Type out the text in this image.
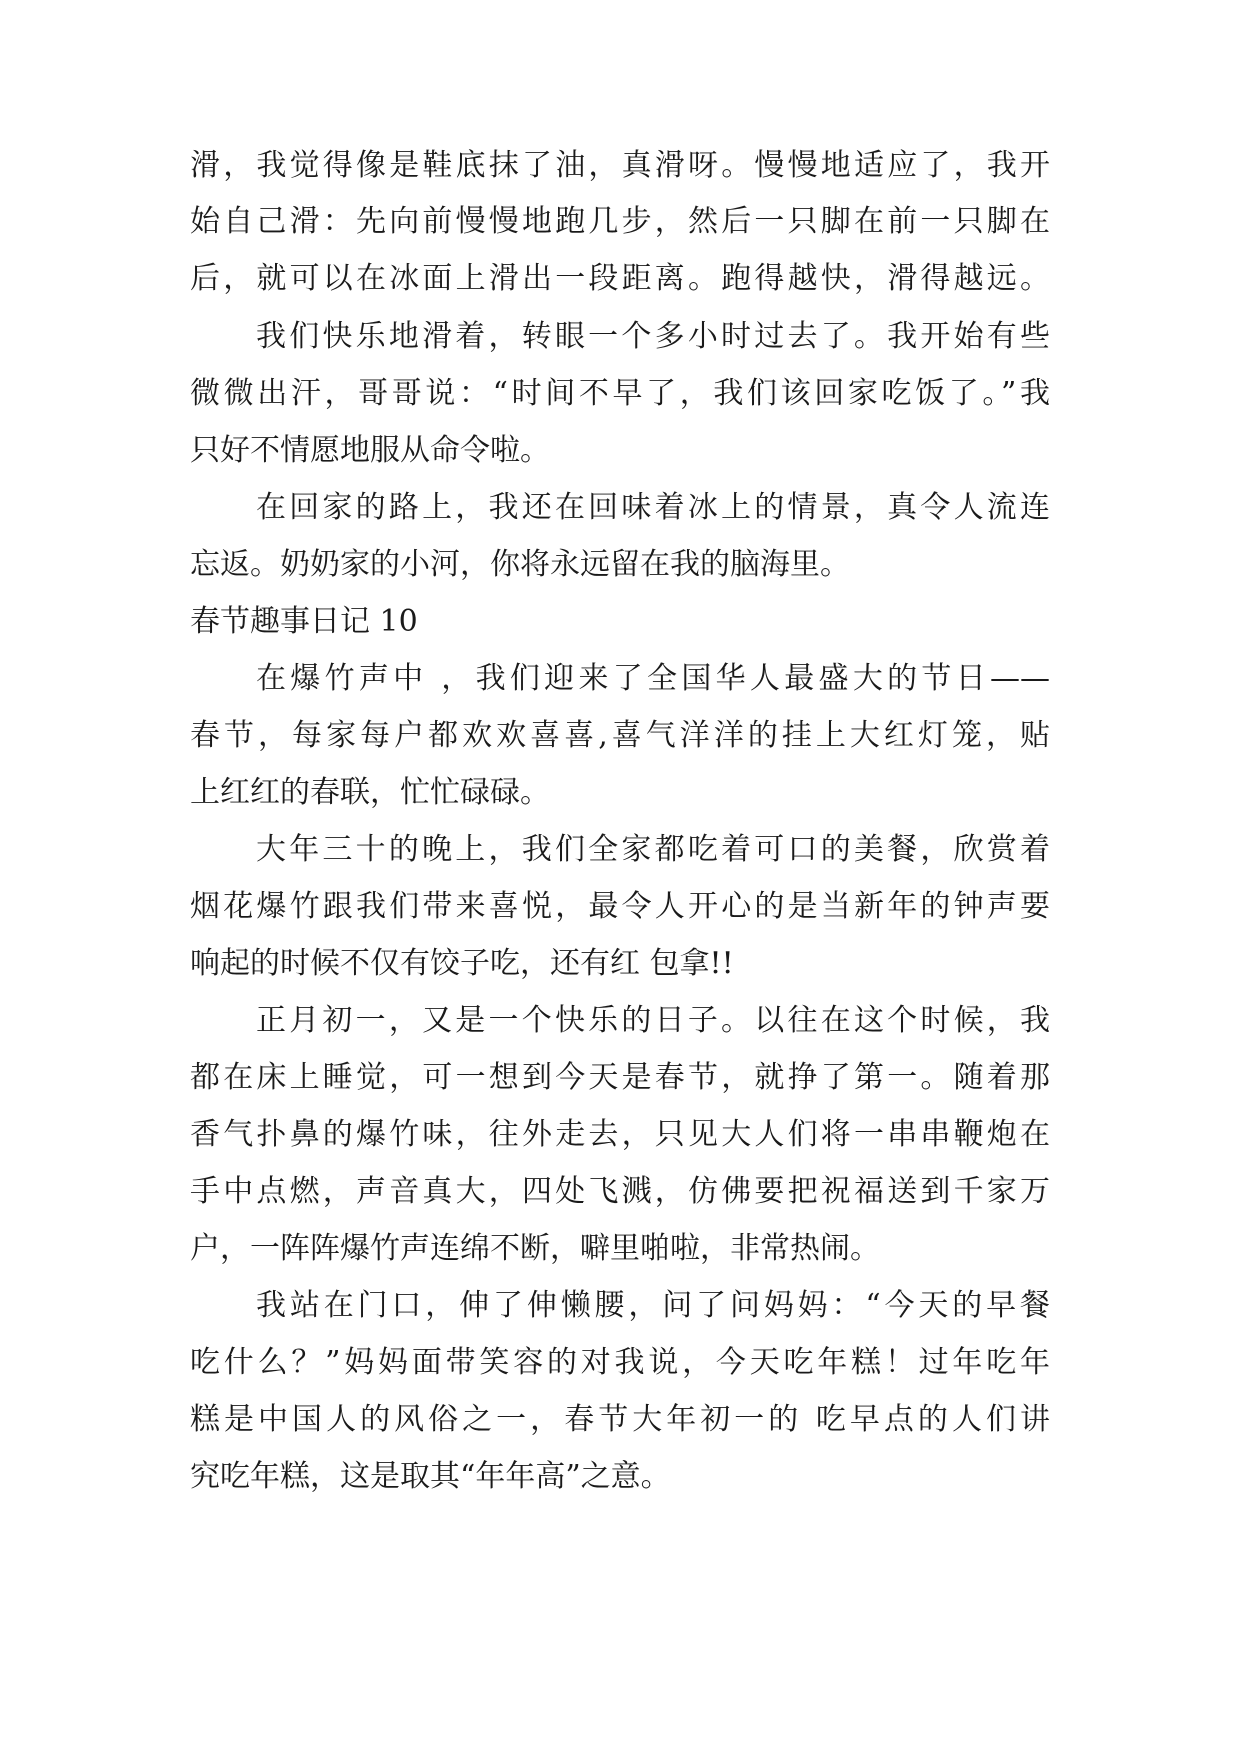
滑，我觉得像是鞋底抹了油，真滑呀。慢慢地适应了，我开
始自己滑：先向前慢慢地跑几步，然后一只脚在前一只脚在
后，就可以在冰面上滑出一段距离。跑得越快，滑得越远。
我们快乐地滑着，转眼一个多小时过去了。我开始有些
微微出汗，哥哥说：“时间不早了，我们该回家吃饭了。”我
只好不情愿地服从命令啦。
在回家的路上，我还在回味着冰上的情景，真令人流连
忘返。奶奶家的小河，你将永远留在我的脑海里。
春节趣事日记 10
在爆竹声中 ，我们迎来了全国华人最盛大的节日——
春节，每家每户都欢欢喜喜,喜气洋洋的挂上大红灯笼，贴
上红红的春联，忙忙碌碌。
大年三十的晚上，我们全家都吃着可口的美餐，欣赏着
烟花爆竹跟我们带来喜悦，最令人开心的是当新年的钟声要
响起的时候不仅有饺子吃，还有红 包拿!!
正月初一，又是一个快乐的日子。以往在这个时候，我
都在床上睡觉，可一想到今天是春节，就挣了第一。随着那
香气扑鼻的爆竹味，往外走去，只见大人们将一串串鞭炮在
手中点燃，声音真大，四处飞溅，仿佛要把祝福送到千家万
户，一阵阵爆竹声连绵不断，噼里啪啦，非常热闹。
我站在门口，伸了伸懒腰，问了问妈妈：“今天的早餐
吃什么？”妈妈面带笑容的对我说，今天吃年糕！过年吃年
糕是中国人的风俗之一，春节大年初一的 吃早点的人们讲
究吃年糕，这是取其“年年高”之意。
